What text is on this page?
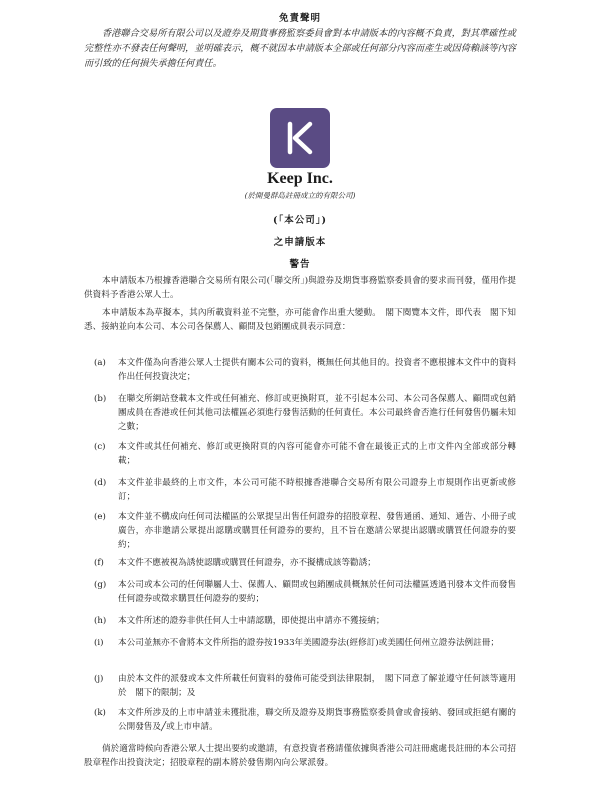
免責聲明
香港聯合交易所有限公司以及證券及期貨事務監察委員會對本申請版本的內容概不負責，對其準確性或完整性亦不發表任何聲明，並明確表示，概不就因本申請版本全部或任何部分內容而產生或因倚賴該等內容而引致的任何損失承擔任何責任。
Keep Inc.
(於開曼群島註冊成立的有限公司)
(「本公司」)
之申請版本
警告
本申請版本乃根據香港聯合交易所有限公司(「聯交所」)與證券及期貨事務監察委員會的要求而刊發，僅用作提供資料予香港公眾人士。
本申請版本為草擬本，其內所載資料並不完整，亦可能會作出重大變動。　閣下閱覽本文件，即代表　閣下知悉、接納並向本公司、本公司各保薦人、顧問及包銷團成員表示同意：
(a)	本文件僅為向香港公眾人士提供有關本公司的資料，概無任何其他目的。投資者不應根據本文件中的資料作出任何投資決定；
(b)	在聯交所網站登載本文件或任何補充、修訂或更換附頁，並不引起本公司、本公司各保薦人、顧問或包銷團成員在香港或任何其他司法權區必須進行發售活動的任何責任。本公司最終會否進行任何發售仍屬未知之數；
(c)	本文件或其任何補充、修訂或更換附頁的內容可能會亦可能不會在最後正式的上市文件內全部或部分轉載；
(d)	本文件並非最終的上市文件，本公司可能不時根據香港聯合交易所有限公司證券上市規則作出更新或修訂；
(e)	本文件並不構成向任何司法權區的公眾提呈出售任何證券的招股章程、發售通函、通知、通告、小冊子或廣告，亦非邀請公眾提出認購或購買任何證券的要約，且不旨在邀請公眾提出認購或購買任何證券的要約；
(f)	本文件不應被視為誘使認購或購買任何證券，亦不擬構成該等勸誘；
(g)	本公司或本公司的任何聯屬人士、保薦人、顧問或包銷團成員概無於任何司法權區透過刊發本文件而發售任何證券或徵求購買任何證券的要約；
(h)	本文件所述的證券非供任何人士申請認購，即使提出申請亦不獲接納；
(i)	本公司並無亦不會將本文件所指的證券按1933年美國證券法(經修訂)或美國任何州立證券法例註冊；
(j)	由於本文件的派發或本文件所載任何資料的發佈可能受到法律限制，　閣下同意了解並遵守任何該等適用於　閣下的限制；及
(k)	本文件所涉及的上市申請並未獲批准，聯交所及證券及期貨事務監察委員會或會接納、發回或拒絕有關的公開發售及╱或上市申請。
倘於適當時候向香港公眾人士提出要約或邀請，有意投資者務請僅依據與香港公司註冊處處長註冊的本公司招股章程作出投資決定；招股章程的副本將於發售期內向公眾派發。
